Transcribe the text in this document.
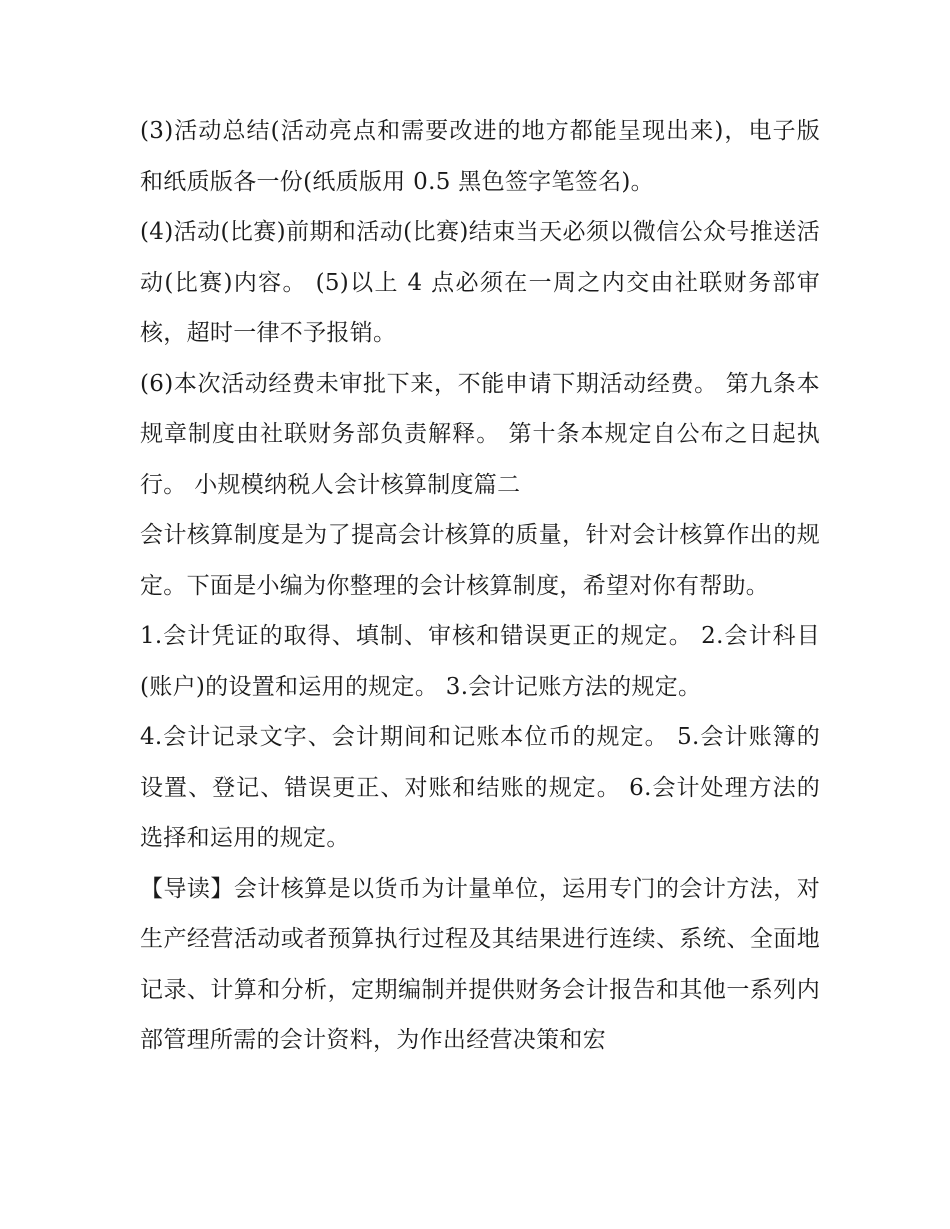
(3)活动总结(活动亮点和需要改进的地方都能呈现出来)，电子版和纸质版各一份(纸质版用 0.5 黑色签字笔签名)。

(4)活动(比赛)前期和活动(比赛)结束当天必须以微信公众号推送活动(比赛)内容。 (5)以上 4 点必须在一周之内交由社联财务部审核，超时一律不予报销。

(6)本次活动经费未审批下来，不能申请下期活动经费。 第九条本规章制度由社联财务部负责解释。 第十条本规定自公布之日起执行。 小规模纳税人会计核算制度篇二

会计核算制度是为了提高会计核算的质量，针对会计核算作出的规定。下面是小编为你整理的会计核算制度，希望对你有帮助。

1.会计凭证的取得、填制、审核和错误更正的规定。 2.会计科目(账户)的设置和运用的规定。 3.会计记账方法的规定。

4.会计记录文字、会计期间和记账本位币的规定。 5.会计账簿的设置、登记、错误更正、对账和结账的规定。 6.会计处理方法的选择和运用的规定。

【导读】会计核算是以货币为计量单位，运用专门的会计方法，对生产经营活动或者预算执行过程及其结果进行连续、系统、全面地记录、计算和分析，定期编制并提供财务会计报告和其他一系列内部管理所需的会计资料，为作出经营决策和宏
